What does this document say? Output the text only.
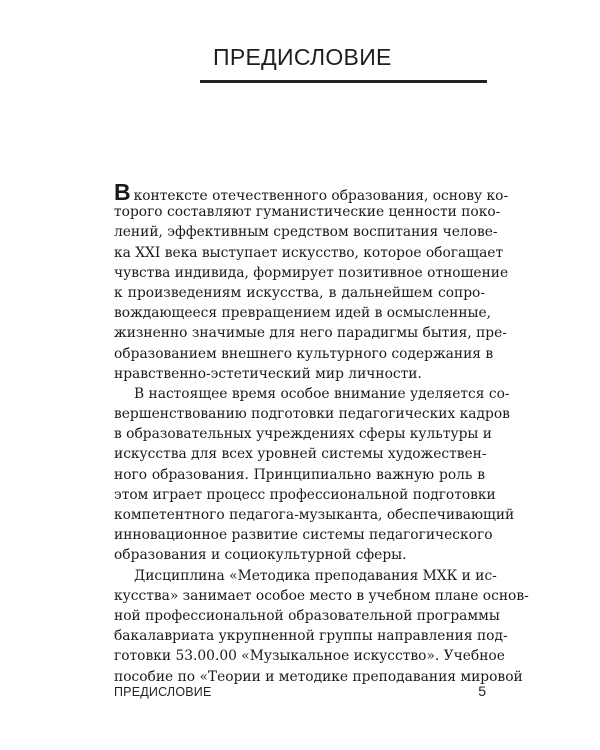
ПРЕДИСЛОВИЕ
Вконтексте отечественного образования, основу ко-
торого составляют гуманистические ценности поко-
лений, эффективным средством воспитания челове-
ка XXI века выступает искусство, которое обогащает
чувства индивида, формирует позитивное отношение
к произведениям искусства, в дальнейшем сопро-
вождающееся превращением идей в осмысленные,
жизненно значимые для него парадигмы бытия, пре-
образованием внешнего культурного содержания в
нравственно-эстетический мир личности.
В настоящее время особое внимание уделяется со-
вершенствованию подготовки педагогических кадров
в образовательных учреждениях сферы культуры и
искусства для всех уровней системы художествен-
ного образования. Принципиально важную роль в
этом играет процесс профессиональной подготовки
компетентного педагога-музыканта, обеспечивающий
инновационное развитие системы педагогического
образования и социокультурной сферы.
Дисциплина «Методика преподавания МХК и ис-
кусства» занимает особое место в учебном плане основ-
ной профессиональной образовательной программы
бакалавриата укрупненной группы направления под-
готовки 53.00.00 «Музыкальное искусство». Учебное
пособие по «Теории и методике преподавания мировой
ПРЕДИСЛОВИЕ	5
